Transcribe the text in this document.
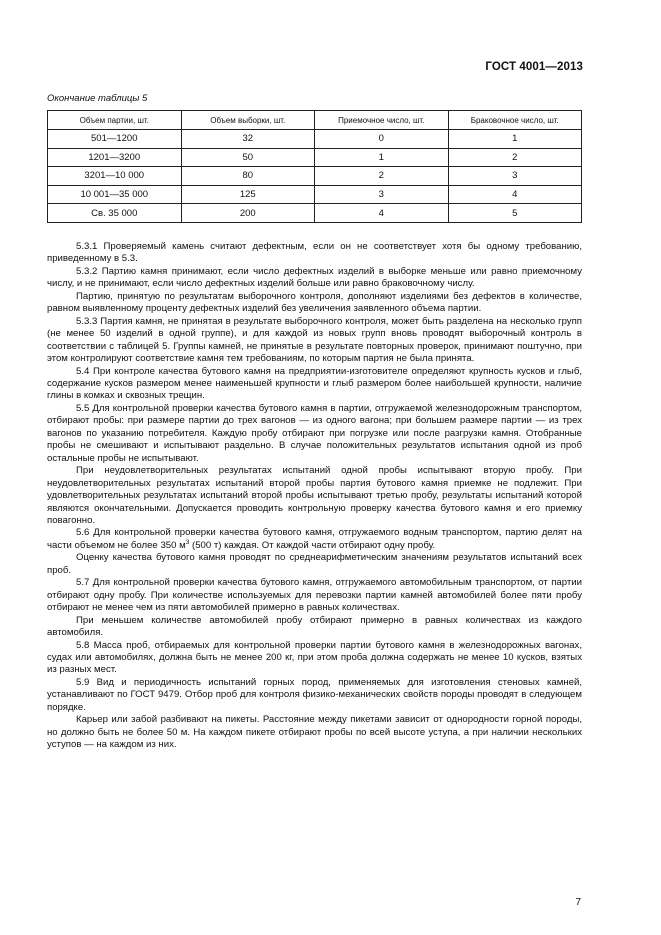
ГОСТ 4001—2013
Окончание таблицы 5
Объем партии, шт.	Объем выборки, шт.	Приемочное число, шт.	Браковочное число, шт.
501—1200	32	0	1
1201—3200	50	1	2
3201—10 000	80	2	3
10 001—35 000	125	3	4
Св. 35 000	200	4	5

5.3.1 Проверяемый камень считают дефектным, если он не соответствует хотя бы одному требованию, приведенному в 5.3.

5.3.2 Партию камня принимают, если число дефектных изделий в выборке меньше или равно приемочному числу, и не принимают, если число дефектных изделий больше или равно браковочному числу.

Партию, принятую по результатам выборочного контроля, дополняют изделиями без дефектов в количестве, равном выявленному проценту дефектных изделий без увеличения заявленного объема партии.

5.3.3 Партия камня, не принятая в результате выборочного контроля, может быть разделена на несколько групп (не менее 50 изделий в одной группе), и для каждой из новых групп вновь проводят выборочный контроль в соответствии с таблицей 5. Группы камней, не принятые в результате повторных проверок, принимают поштучно, при этом контролируют соответствие камня тем требованиям, по которым партия не была принята.

5.4 При контроле качества бутового камня на предприятии-изготовителе определяют крупность кусков и глыб, содержание кусков размером менее наименьшей крупности и глыб размером более наибольшей крупности, наличие глины в комках и сквозных трещин.

5.5 Для контрольной проверки качества бутового камня в партии, отгружаемой железнодорожным транспортом, отбирают пробы: при размере партии до трех вагонов — из одного вагона; при большем размере партии — из трех вагонов по указанию потребителя. Каждую пробу отбирают при погрузке или после разгрузки камня. Отобранные пробы не смешивают и испытывают раздельно. В случае положительных результатов испытания одной из проб остальные пробы не испытывают.

При неудовлетворительных результатах испытаний одной пробы испытывают вторую пробу. При неудовлетворительных результатах испытаний второй пробы партия бутового камня приемке не подлежит. При удовлетворительных результатах испытаний второй пробы испытывают третью пробу, результаты испытаний которой являются окончательными. Допускается проводить контрольную проверку качества бутового камня и его приемку повагонно.

5.6 Для контрольной проверки качества бутового камня, отгружаемого водным транспортом, партию делят на части объемом не более 350 $м^3$ (500 т) каждая. От каждой части отбирают одну пробу.

Оценку качества бутового камня проводят по среднеарифметическим значениям результатов испытаний всех проб.

5.7 Для контрольной проверки качества бутового камня, отгружаемого автомобильным транспортом, от партии отбирают одну пробу. При количестве используемых для перевозки партии камней автомобилей более пяти пробу отбирают не менее чем из пяти автомобилей примерно в равных количествах.

При меньшем количестве автомобилей пробу отбирают примерно в равных количествах из каждого автомобиля.

5.8 Масса проб, отбираемых для контрольной проверки партии бутового камня в железнодорожных вагонах, судах или автомобилях, должна быть не менее 200 кг, при этом проба должна содержать не менее 10 кусков, взятых из разных мест.

5.9 Вид и периодичность испытаний горных пород, применяемых для изготовления стеновых камней, устанавливают по ГОСТ 9479. Отбор проб для контроля физико-механических свойств породы проводят в следующем порядке.

Карьер или забой разбивают на пикеты. Расстояние между пикетами зависит от однородности горной породы, но должно быть не более 50 м. На каждом пикете отбирают пробы по всей высоте уступа, а при наличии нескольких уступов — на каждом из них.

7
